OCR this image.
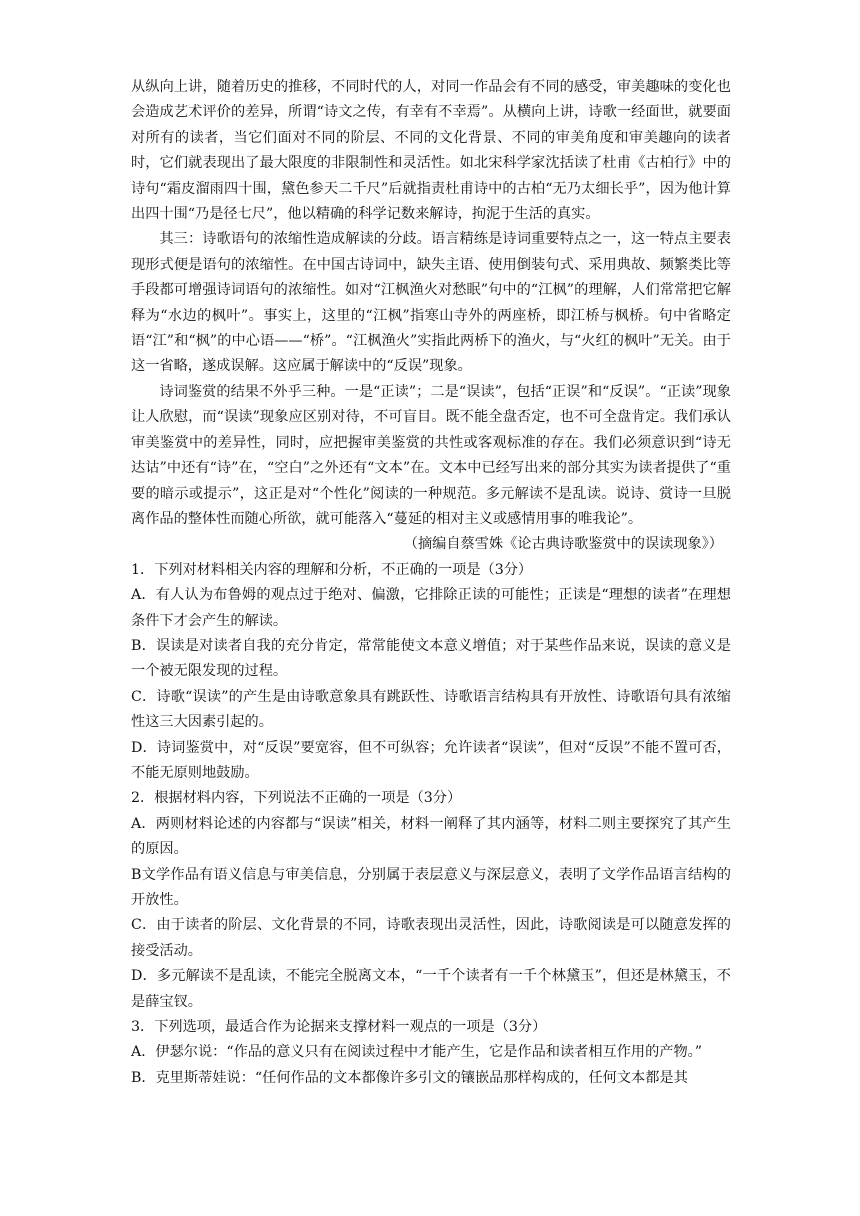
从纵向上讲，随着历史的推移，不同时代的人，对同一作品会有不同的感受，审美趣味的变化也会造成艺术评价的差异，所谓“诗文之传，有幸有不幸焉”。从横向上讲，诗歌一经面世，就要面对所有的读者，当它们面对不同的阶层、不同的文化背景、不同的审美角度和审美趣向的读者时，它们就表现出了最大限度的非限制性和灵活性。如北宋科学家沈括读了杜甫《古柏行》中的诗句“霜皮溜雨四十围，黛色参天二千尺”后就指责杜甫诗中的古柏“无乃太细长乎”，因为他计算出四十围“乃是径七尺”，他以精确的科学记数来解诗，拘泥于生活的真实。

其三：诗歌语句的浓缩性造成解读的分歧。语言精练是诗词重要特点之一，这一特点主要表现形式便是语句的浓缩性。在中国古诗词中，缺失主语、使用倒装句式、采用典故、频繁类比等手段都可增强诗词语句的浓缩性。如对“江枫渔火对愁眠”句中的“江枫”的理解，人们常常把它解释为“水边的枫叶”。事实上，这里的“江枫”指寒山寺外的两座桥，即江桥与枫桥。句中省略定语“江”和“枫”的中心语——“桥”。“江枫渔火”实指此两桥下的渔火，与“火红的枫叶”无关。由于这一省略，遂成误解。这应属于解读中的“反误”现象。

诗词鉴赏的结果不外乎三种。一是“正读”；二是“误读”，包括“正误”和“反误”。“正读”现象让人欣慰，而“误读”现象应区别对待，不可盲目。既不能全盘否定，也不可全盘肯定。我们承认审美鉴赏中的差异性，同时，应把握审美鉴赏的共性或客观标准的存在。我们必须意识到“诗无达诂”中还有“诗”在，“空白”之外还有“文本”在。文本中已经写出来的部分其实为读者提供了“重要的暗示或提示”，这正是对“个性化”阅读的一种规范。多元解读不是乱读。说诗、赏诗一旦脱离作品的整体性而随心所欲，就可能落入“蔓延的相对主义或感情用事的唯我论”。

（摘编自蔡雪姝《论古典诗歌鉴赏中的误读现象》）

1．下列对材料相关内容的理解和分析，不正确的一项是（3分）

A．有人认为布鲁姆的观点过于绝对、偏激，它排除正读的可能性；正读是“理想的读者”在理想条件下才会产生的解读。

B．误读是对读者自我的充分肯定，常常能使文本意义增值；对于某些作品来说，误读的意义是一个被无限发现的过程。

C．诗歌“误读”的产生是由诗歌意象具有跳跃性、诗歌语言结构具有开放性、诗歌语句具有浓缩性这三大因素引起的。

D．诗词鉴赏中，对“反误”要宽容，但不可纵容；允许读者“误读”，但对“反误”不能不置可否，不能无原则地鼓励。

2．根据材料内容，下列说法不正确的一项是（3分）

A．两则材料论述的内容都与“误读”相关，材料一阐释了其内涵等，材料二则主要探究了其产生的原因。

B文学作品有语义信息与审美信息，分别属于表层意义与深层意义，表明了文学作品语言结构的开放性。

C．由于读者的阶层、文化背景的不同，诗歌表现出灵活性，因此，诗歌阅读是可以随意发挥的接受活动。

D．多元解读不是乱读，不能完全脱离文本，“一千个读者有一千个林黛玉”，但还是林黛玉，不是薛宝钗。

3．下列选项，最适合作为论据来支撑材料一观点的一项是（3分）

A．伊瑟尔说：“作品的意义只有在阅读过程中才能产生，它是作品和读者相互作用的产物。”

B．克里斯蒂娃说：“任何作品的文本都像许多引文的镶嵌品那样构成的，任何文本都是其
